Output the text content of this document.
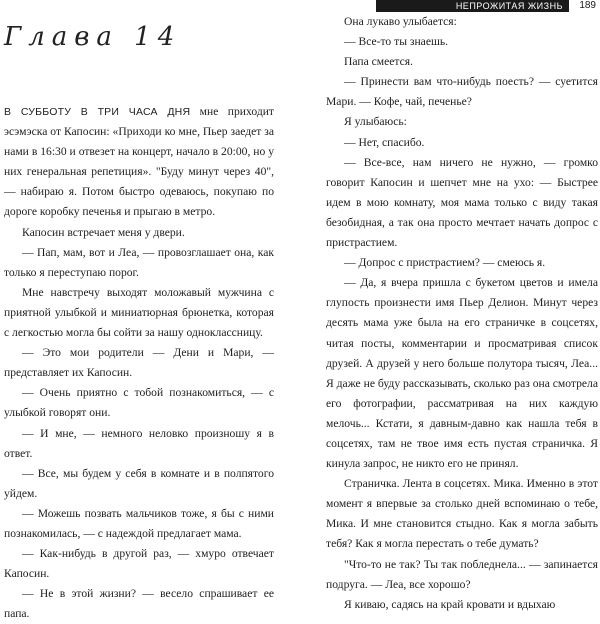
НЕПРОЖИТАЯ ЖИЗНЬ 189
Глава 14

В СУББОТУ В ТРИ ЧАСА ДНЯ мне приходит эсэмэска от Капосин: «Приходи ко мне, Пьер заедет за нами в 16:30 и отвезет на концерт, начало в 20:00, но у них генеральная репетиция». "Буду минут через 40", — набираю я. Потом быстро одеваюсь, покупаю по дороге коробку печенья и прыгаю в метро.

Капосин встречает меня у двери.

— Пап, мам, вот и Леа, — провозглашает она, как только я переступаю порог.

Мне навстречу выходят моложавый мужчина с приятной улыбкой и миниатюрная брюнетка, которая с легкостью могла бы сойти за нашу одноклассницу.

— Это мои родители — Дени и Мари, — представляет их Капосин.

— Очень приятно с тобой познакомиться, — с улыбкой говорят они.

— И мне, — немного неловко произношу я в ответ.

— Все, мы будем у себя в комнате и в полпятого уйдем.

— Можешь позвать мальчиков тоже, я бы с ними познакомилась, — с надеждой предлагает мама.

— Как-нибудь в другой раз, — хмуро отвечает Капосин.

— Не в этой жизни? — весело спрашивает ее папа.

Она лукаво улыбается:

— Все-то ты знаешь.

Папа смеется.

— Принести вам что-нибудь поесть? — суетится Мари. — Кофе, чай, печенье?

Я улыбаюсь:

— Нет, спасибо.

— Все-все, нам ничего не нужно, — громко говорит Капосин и шепчет мне на ухо: — Быстрее идем в мою комнату, моя мама только с виду такая безобидная, а так она просто мечтает начать допрос с пристрастием.

— Допрос с пристрастием? — смеюсь я.

— Да, я вчера пришла с букетом цветов и имела глупость произнести имя Пьер Делион. Минут через десять мама уже была на его страничке в соцсетях, читая посты, комментарии и просматривая список друзей. А друзей у него больше полутора тысяч, Леа... Я даже не буду рассказывать, сколько раз она смотрела его фотографии, рассматривая на них каждую мелочь... Кстати, я давным-давно как нашла тебя в соцсетях, там не твое имя есть пустая страничка. Я кинула запрос, не никто его не принял.

Страничка. Лента в соцсетях. Мика. Именно в этот момент я впервые за столько дней вспоминаю о тебе, Мика. И мне становится стыдно. Как я могла забыть тебя? Как я могла перестать о тебе думать?

"Что-то не так? Ты так побледнела... — запинается подруга. — Леа, все хорошо?

Я киваю, садясь на край кровати и вдыхаю
